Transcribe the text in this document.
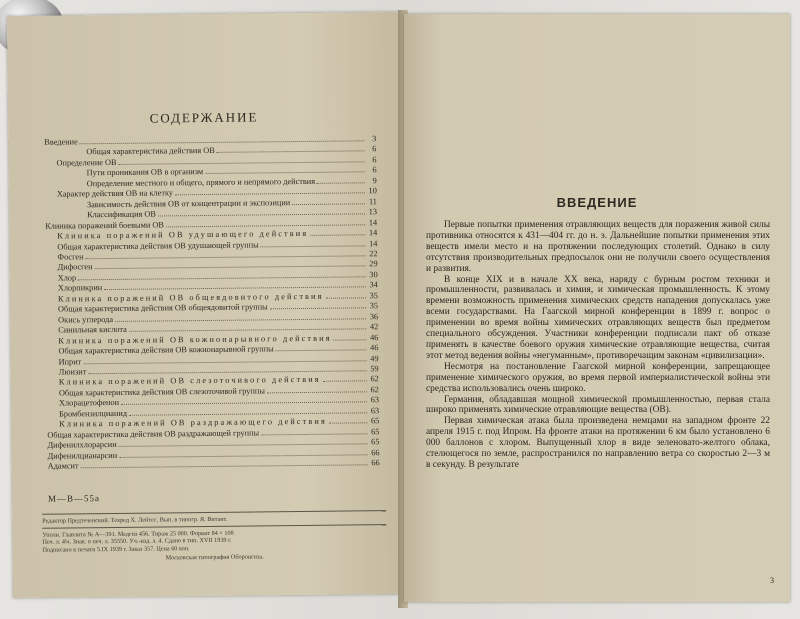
СОДЕРЖАНИЕ
Введение	3
Общая характеристика действия ОВ	6
Определение ОВ	6
Пути проникания ОВ в организм	6
Определение местного и общего, прямого и непрямого действия	9
Характер действия ОВ на клетку	10
Зависимость действия ОВ от концентрации и экспозиции	11
Классификация ОВ	13
Клиника поражений боевыми ОВ	14
Клиника поражений ОВ удушающего действия	14
Общая характеристика действия ОВ удушающей группы	14
Фосген	22
Дифосген	29
Хлор	30
Хлорпикрин	34
Клиника поражений ОВ общеядовитого действия	35
Общая характеристика действия ОВ общеядовитой группы	35
Окись углерода	36
Синильная кислота	42
Клиника поражений ОВ кожнонарывного действия	46
Общая характеристика действия ОВ кожнонарывной группы	46
Иприт	49
Люизит	59
Клиника поражений ОВ слезоточивого действия	62
Общая характеристика действия ОВ слезоточивой группы	62
Хлорацетофенон	63
Бромбензилцианид	63
Клиника поражений ОВ раздражающего действия	65
Общая характеристика действия ОВ раздражающей группы	65
Дифенилхлорарсин	65
Дифенилцианарсин	66
Адамсит	66
М—В—55а
Редактор Предтеченский. Техред Х. Лейтес. Вып. в типогр. Я. Витант.
Уполн. Главлита № А—391. Медгиз 456. Тираж 25 000. Формат 84 × 108
Печ. л. 4¼. Знак. в печ. л. 35550. Уч.-изд. л. 4. Сдано в тип. XVII 1939 г.
Подписано к печати 5.IX 1939 г. Заказ 357. Цена 60 коп.
Московская типография Оборонгиза.
ВВЕДЕНИЕ

Первые попытки применения отравляющих веществ для поражения живой силы противника относятся к 431—404 гг. до н. э. Дальнейшие попытки применения этих веществ имели место и на протяжении последующих столетий. Однако в силу отсутствия производительных предпосылок они не получили своего осуществления и развития.

В конце XIX и в начале XX века, наряду с бурным ростом техники и промышленности, развивалась и химия, и химическая промышленность. К этому времени возможность применения химических средств нападения допускалась уже всеми государствами. На Гаагской мирной конференции в 1899 г. вопрос о применении во время войны химических отравляющих веществ был предметом специального обсуждения. Участники конференции подписали пакт об отказе применять в качестве боевого оружия химические отравляющие вещества, считая этот метод ведения войны «негуманным», противоречащим законам «цивилизации».

Несмотря на постановление Гаагской мирной конференции, запрещающее применение химического оружия, во время первой империалистической войны эти средства использовались очень широко.

Германия, обладавшая мощной химической промышленностью, первая стала широко применять химические отравляющие вещества (ОВ).

Первая химическая атака была произведена немцами на западном фронте 22 апреля 1915 г. под Ипром. На фронте атаки на протяжении 6 км было установлено 6 000 баллонов с хлором. Выпущенный хлор в виде зеленовато-желтого облака, стелющегося по земле, распространился по направлению ветра со скоростью 2—3 м в секунду. В результате

3
